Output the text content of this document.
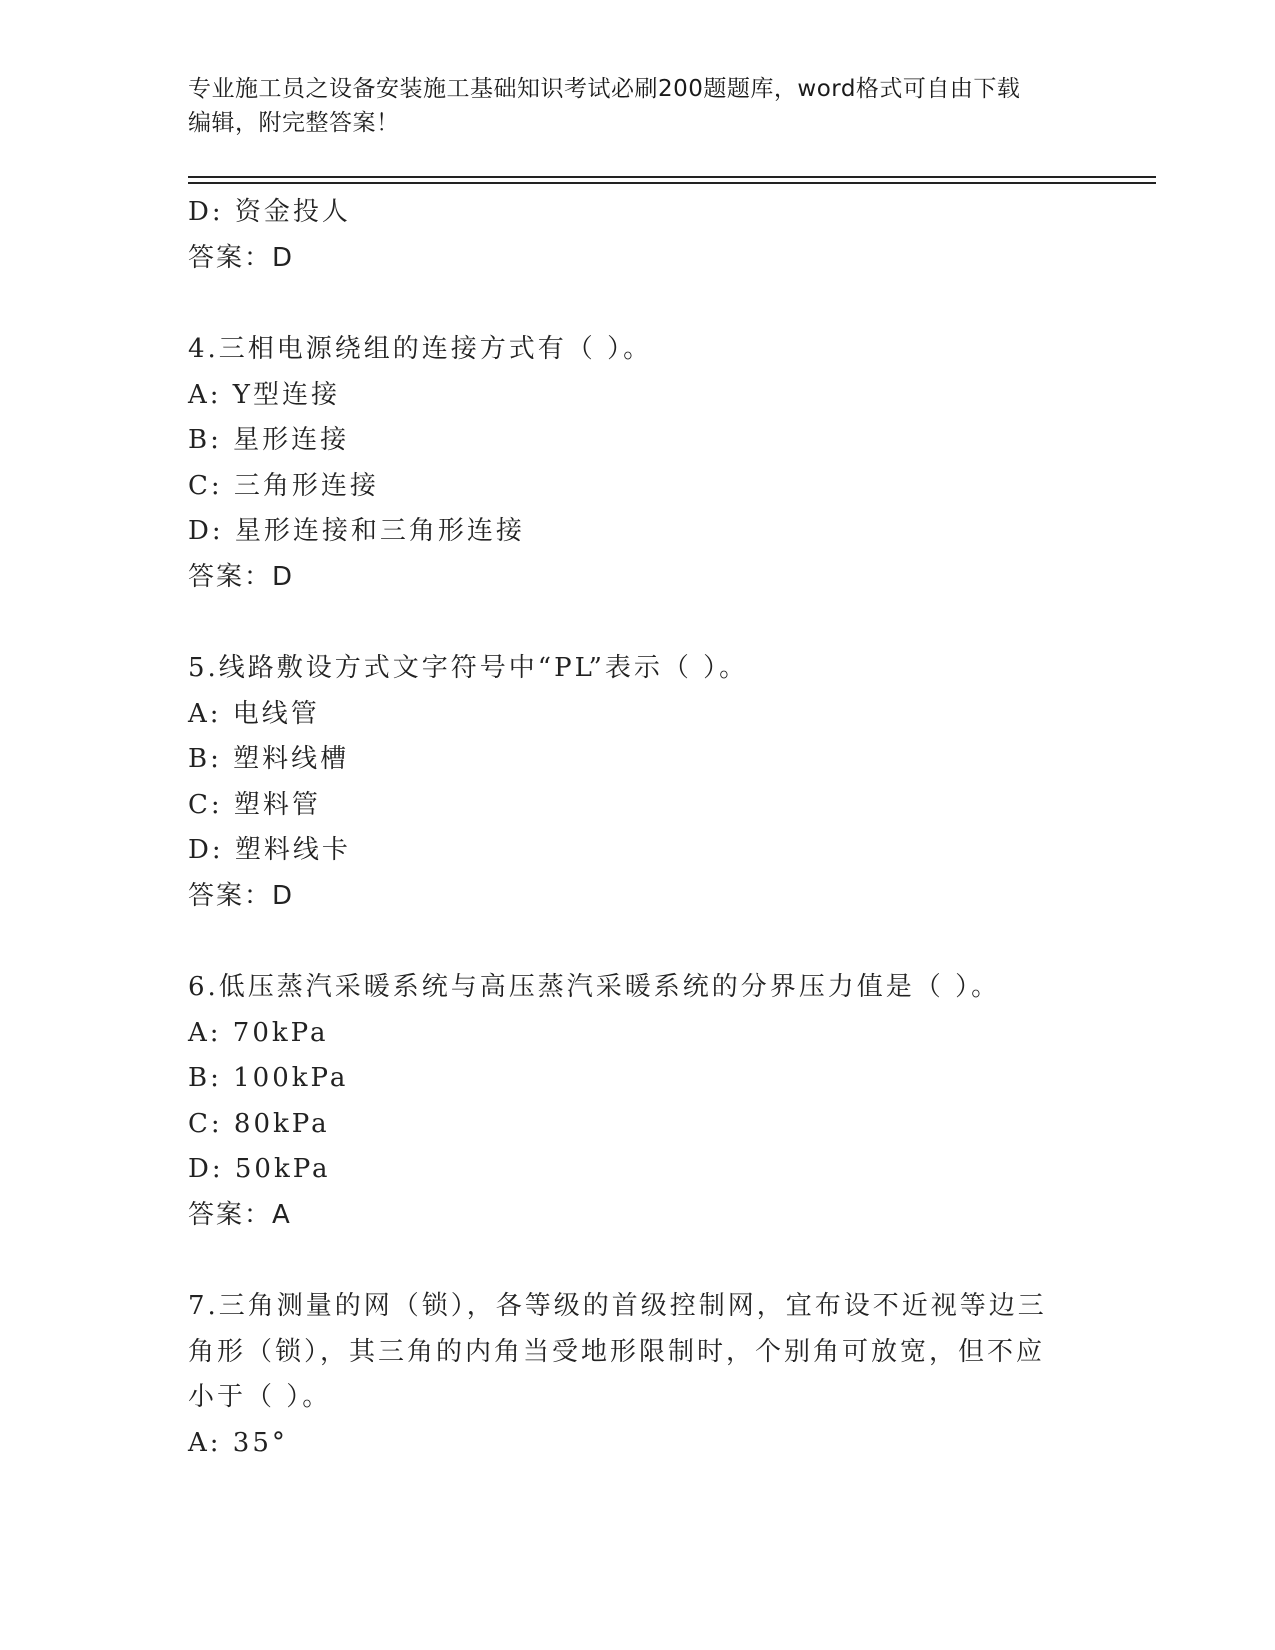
专业施工员之设备安装施工基础知识考试必刷200题题库，word格式可自由下载
编辑，附完整答案！
D: 资金投人
答案：D
4.三相电源绕组的连接方式有（ ）。
A: Y型连接
B: 星形连接
C: 三角形连接
D: 星形连接和三角形连接
答案：D
5.线路敷设方式文字符号中“PL”表示（ ）。
A: 电线管
B: 塑料线槽
C: 塑料管
D: 塑料线卡
答案：D
6.低压蒸汽采暖系统与高压蒸汽采暖系统的分界压力值是（ ）。
A: 70kPa
B: 100kPa
C: 80kPa
D: 50kPa
答案：A
7.三角测量的网（锁），各等级的首级控制网，宜布设不近视等边三
角形（锁），其三角的内角当受地形限制时，个别角可放宽，但不应
小于（ ）。
A: 35°
